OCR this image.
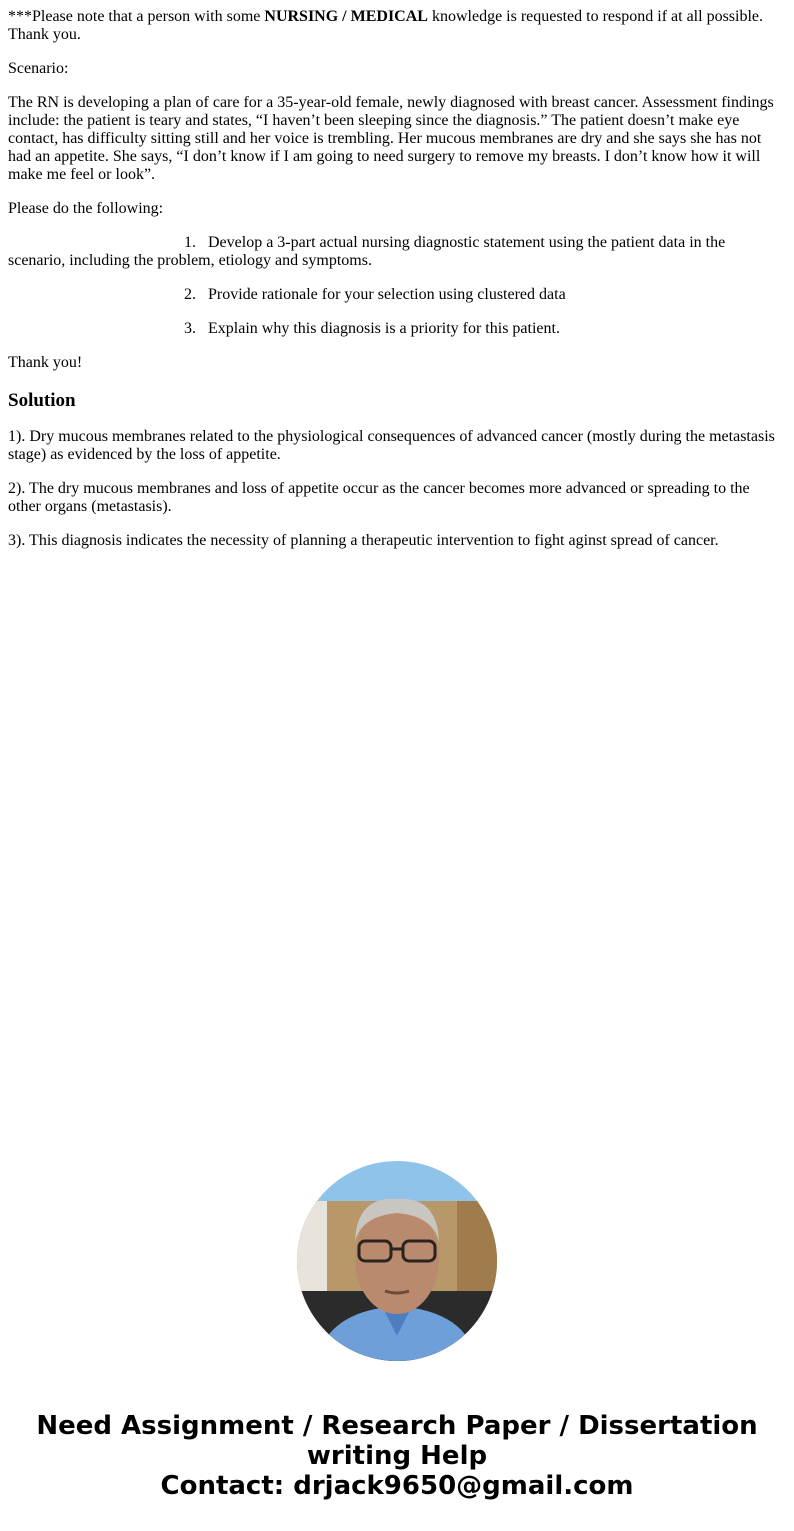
***Please note that a person with some NURSING / MEDICAL knowledge is requested to respond if at all possible. Thank you.

Scenario:

The RN is developing a plan of care for a 35-year-old female, newly diagnosed with breast cancer. Assessment findings include: the patient is teary and states, “I haven’t been sleeping since the diagnosis.” The patient doesn’t make eye contact, has difficulty sitting still and her voice is trembling. Her mucous membranes are dry and she says she has not had an appetite. She says, “I don’t know if I am going to need surgery to remove my breasts. I don’t know how it will make me feel or look”.

Please do the following:

1. Develop a 3-part actual nursing diagnostic statement using the patient data in the scenario, including the problem, etiology and symptoms.

2. Provide rationale for your selection using clustered data

3. Explain why this diagnosis is a priority for this patient.

Thank you!

Solution

1). Dry mucous membranes related to the physiological consequences of advanced cancer (mostly during the metastasis stage) as evidenced by the loss of appetite.

2). The dry mucous membranes and loss of appetite occur as the cancer becomes more advanced or spreading to the other organs (metastasis).

3). This diagnosis indicates the necessity of planning a therapeutic intervention to fight aginst spread of cancer.

Need Assignment / Research Paper / Dissertation writing Help
Contact: drjack9650@gmail.com
